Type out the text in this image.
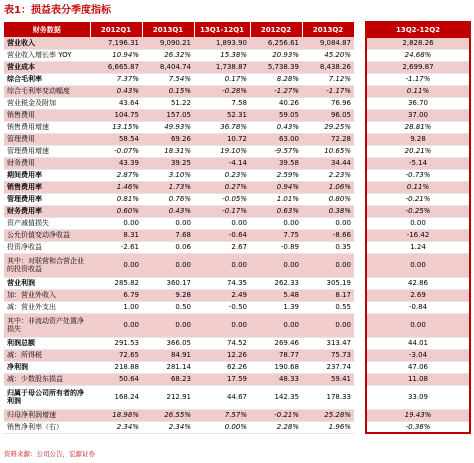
表1：损益表分季度指标
财务数据	2012Q1	2013Q1	13Q1-12Q1	2012Q2	2013Q2		13Q2-12Q2
营业收入	7,196.31	9,090.21	1,893.90	6,256.61	9,084.87		2,828.26
营业收入增长率 YOY	10.94%	26.32%	15.38%	20.93%	45.20%		24.68%
营业成本	6,665.87	8,404.74	1,738.87	5,738.39	8,438.26		2,699.87
综合毛利率	7.37%	7.54%	0.17%	8.28%	7.12%		-1.17%
综合毛利率变动幅度	0.43%	0.15%	-0.28%	-1.27%	-1.17%		0.11%
营业税金及附加	43.64	51.22	7.58	40.26	76.96		36.70
销售费用	104.75	157.05	52.31	59.05	96.05		37.00
销售费用增速	13.15%	49.93%	36.78%	0.43%	29.25%		28.81%
管理费用	58.54	69.26	10.72	63.00	72.28		9.28
管理费用增速	-0.07%	18.31%	19.10%	-9.57%	10.65%		20.21%
财务费用	43.39	39.25	-4.14	39.58	34.44		-5.14
期间费用率	2.87%	3.10%	0.23%	2.59%	2.23%		-0.73%
销售费用率	1.46%	1.73%	0.27%	0.94%	1.06%		0.11%
管理费用率	0.81%	0.76%	-0.05%	1.01%	0.80%		-0.21%
财务费用率	0.60%	0.43%	-0.17%	0.63%	0.38%		-0.25%
资产减值损失	0.00	0.00	0.00	0.00	0.00		0.00
公允价值变动净收益	8.31	7.68	-0.64	7.75	-8.66		-16.42
投资净收益	-2.61	0.06	2.67	-0.89	0.35		1.24
其中：对联营和合营企业的投资收益	0.00	0.00	0.00	0.00	0.00		0.00
营业利润	285.82	360.17	74.35	262.33	305.19		42.86
加：营业外收入	6.79	9.28	2.49	5.48	8.17		2.69
减：营业外支出	1.00	0.50	-0.50	1.39	0.55		-0.84
其中：非流动资产处置净损失	0.00	0.00	0.00	0.00	0.00		0.00
利润总额	291.53	366.05	74.52	269.46	313.47		44.01
减：所得税	72.65	84.91	12.26	78.77	75.73		-3.04
净利润	218.88	281.14	62.26	190.68	237.74		47.06
减：少数股东损益	50.64	68.23	17.59	48.33	59.41		11.08
归属于母公司所有者的净利润	168.24	212.91	44.67	142.35	178.33		33.09
归母净利润增速	18.98%	26.55%	7.57%	-0.21%	25.28%		19.43%
销售净利率（右）	2.34%	2.34%	0.00%	2.28%	1.96%		-0.36%
资料来源：公司公告，宏源证券
